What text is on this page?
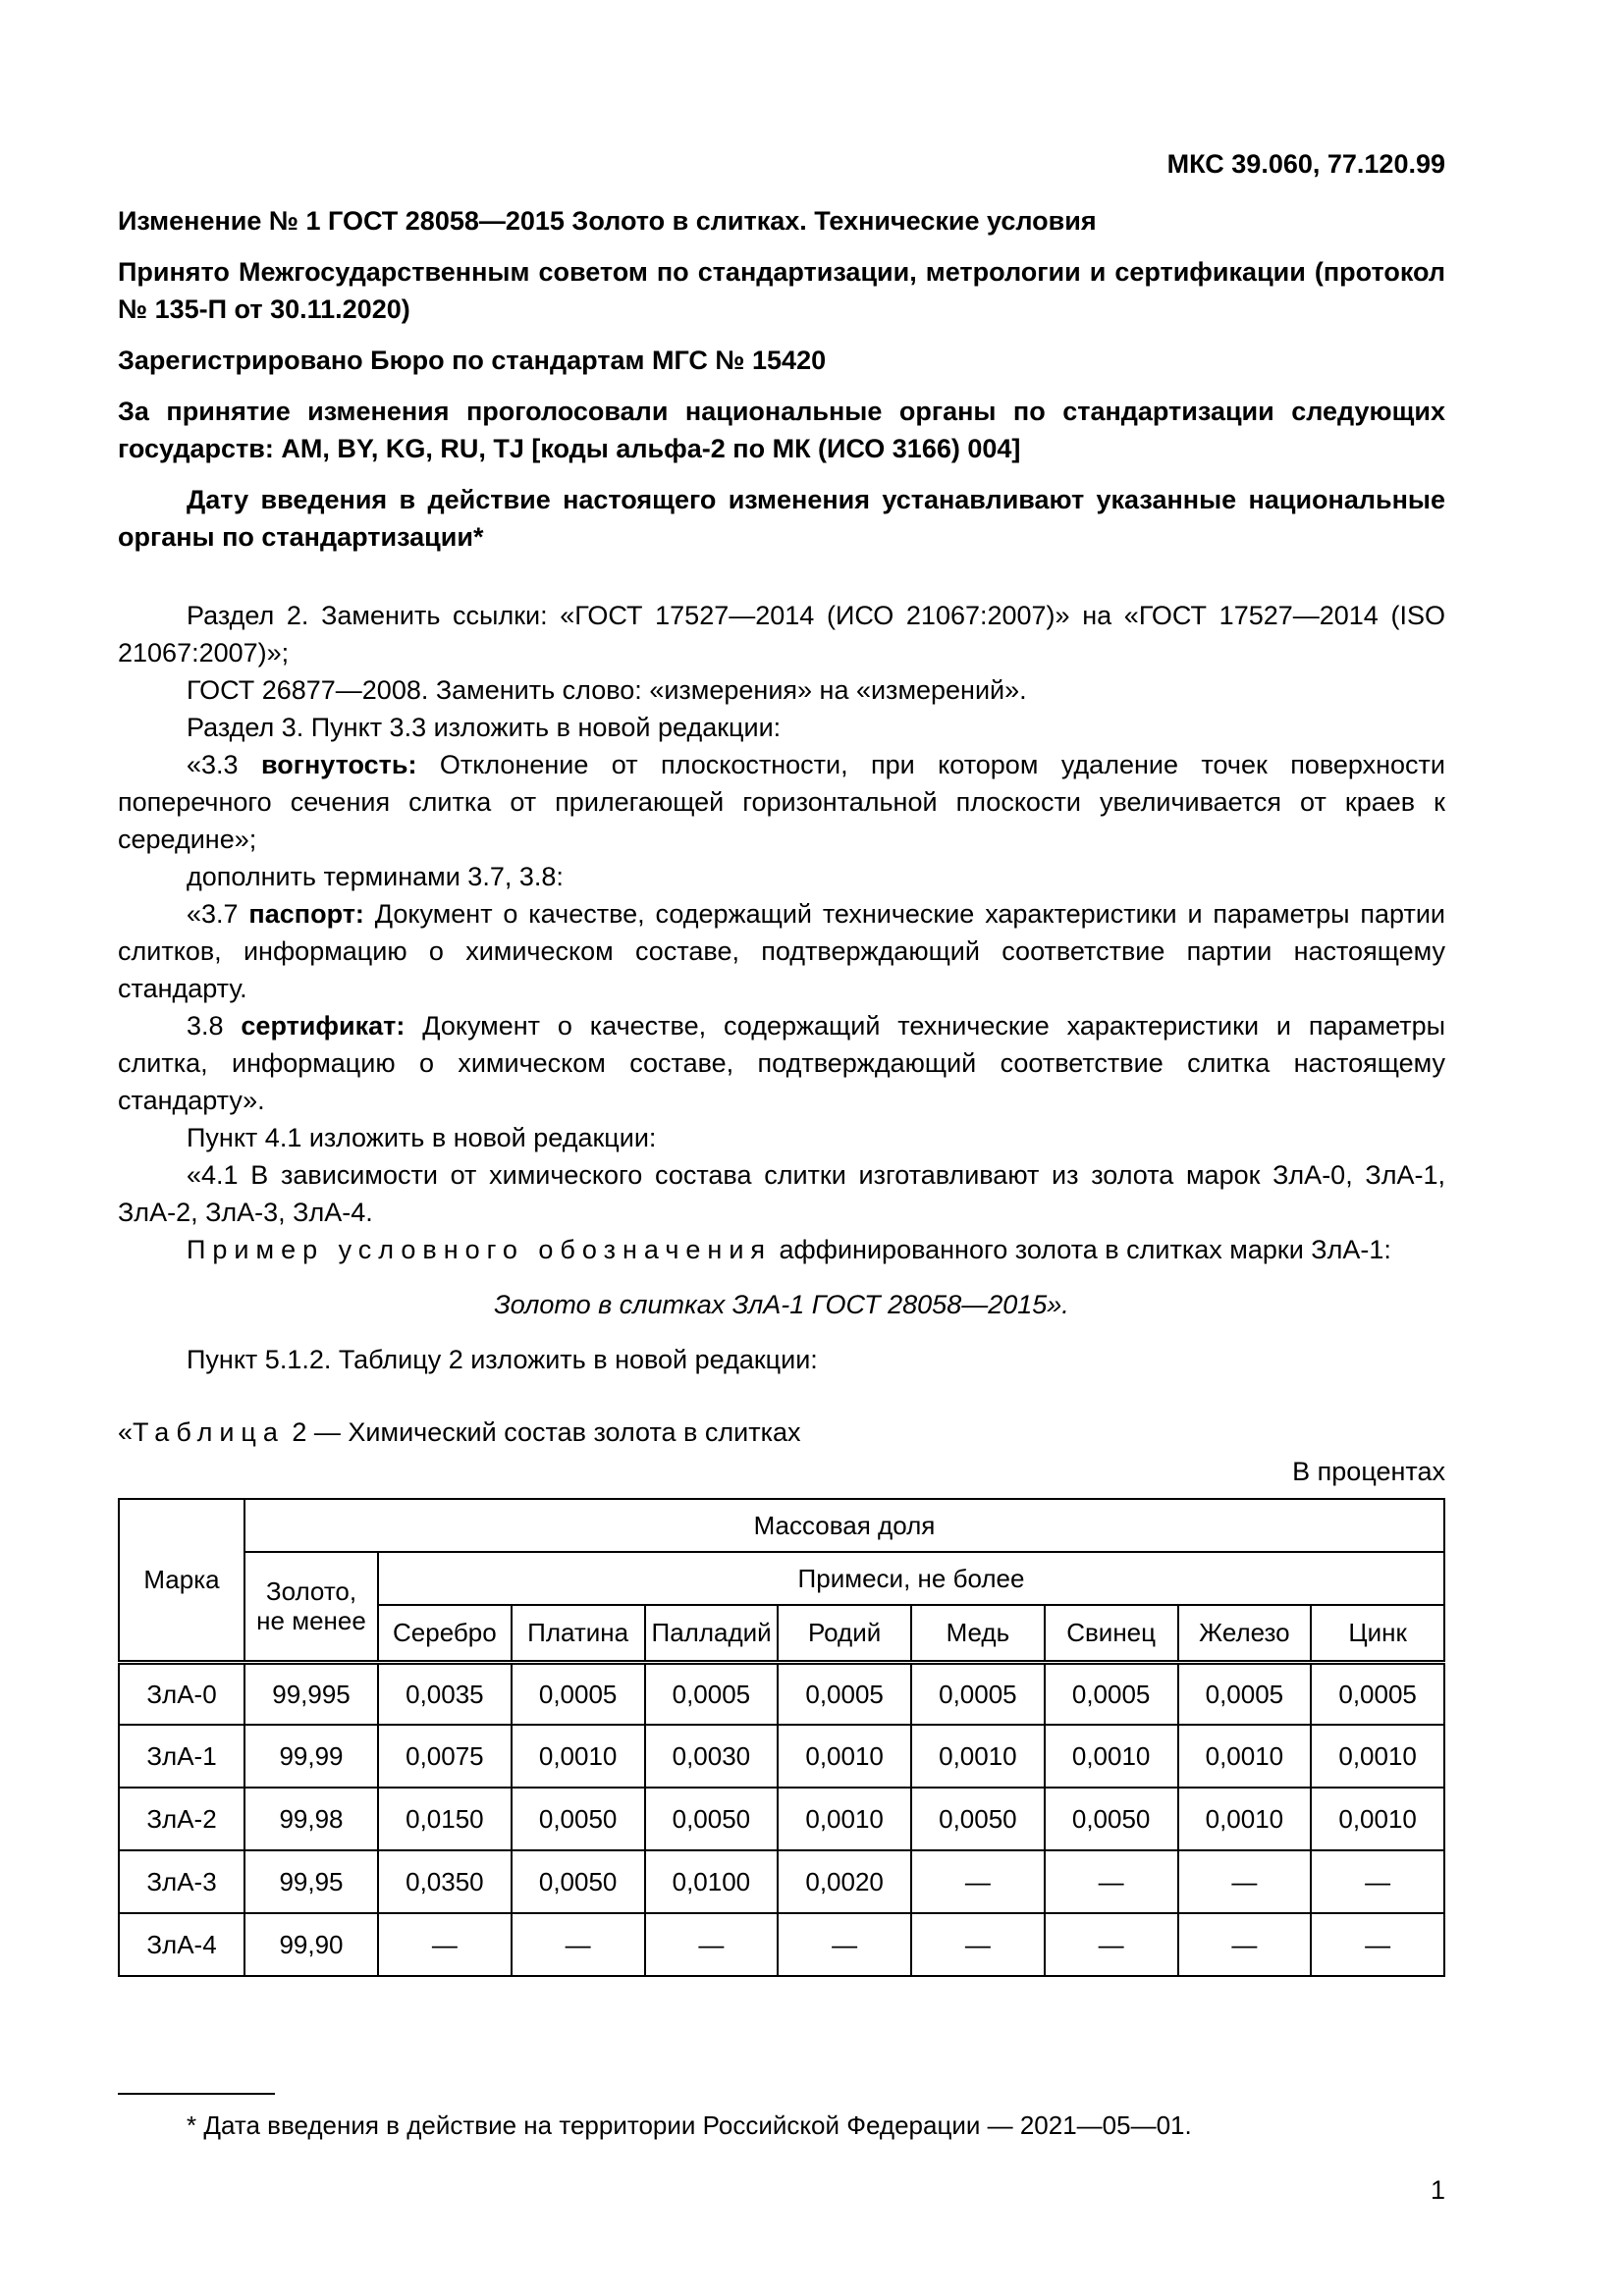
МКС 39.060, 77.120.99

Изменение № 1 ГОСТ 28058—2015 Золото в слитках. Технические условия

Принято Межгосударственным советом по стандартизации, метрологии и сертификации (протокол № 135-П от 30.11.2020)

Зарегистрировано Бюро по стандартам МГС № 15420

За принятие изменения проголосовали национальные органы по стандартизации следующих государств: AM, BY, KG, RU, TJ [коды альфа-2 по МК (ИСО 3166) 004]

Дату введения в действие настоящего изменения устанавливают указанные национальные органы по стандартизации*

Раздел 2. Заменить ссылки: «ГОСТ 17527—2014 (ИСО 21067:2007)» на «ГОСТ 17527—2014 (ISO 21067:2007)»;

ГОСТ 26877—2008. Заменить слово: «измерения» на «измерений».

Раздел 3. Пункт 3.3 изложить в новой редакции:

«3.3 вогнутость: Отклонение от плоскостности, при котором удаление точек поверхности поперечного сечения слитка от прилегающей горизонтальной плоскости увеличивается от краев к середине»;

дополнить терминами 3.7, 3.8:

«3.7 паспорт: Документ о качестве, содержащий технические характеристики и параметры партии слитков, информацию о химическом составе, подтверждающий соответствие партии настоящему стандарту.

3.8 сертификат: Документ о качестве, содержащий технические характеристики и параметры слитка, информацию о химическом составе, подтверждающий соответствие слитка настоящему стандарту».

Пункт 4.1 изложить в новой редакции:

«4.1 В зависимости от химического состава слитки изготавливают из золота марок ЗлА-0, ЗлА-1, ЗлА-2, ЗлА-3, ЗлА-4.

Пример условного обозначения аффинированного золота в слитках марки ЗлА-1:

Золото в слитках ЗлА-1 ГОСТ 28058—2015».

Пункт 5.1.2. Таблицу 2 изложить в новой редакции:

«Таблица 2 — Химический состав золота в слитках

В процентах

Марка	Массовая доля								
	Золото, не менее	Примеси, не более							
		Серебро	Платина	Палладий	Родий	Медь	Свинец	Железо	Цинк
ЗлА-0	99,995	0,0035	0,0005	0,0005	0,0005	0,0005	0,0005	0,0005	0,0005
ЗлА-1	99,99	0,0075	0,0010	0,0030	0,0010	0,0010	0,0010	0,0010	0,0010
ЗлА-2	99,98	0,0150	0,0050	0,0050	0,0010	0,0050	0,0050	0,0010	0,0010
ЗлА-3	99,95	0,0350	0,0050	0,0100	0,0020	—	—	—	—
ЗлА-4	99,90	—	—	—	—	—	—	—	—

* Дата введения в действие на территории Российской Федерации — 2021—05—01.

1
